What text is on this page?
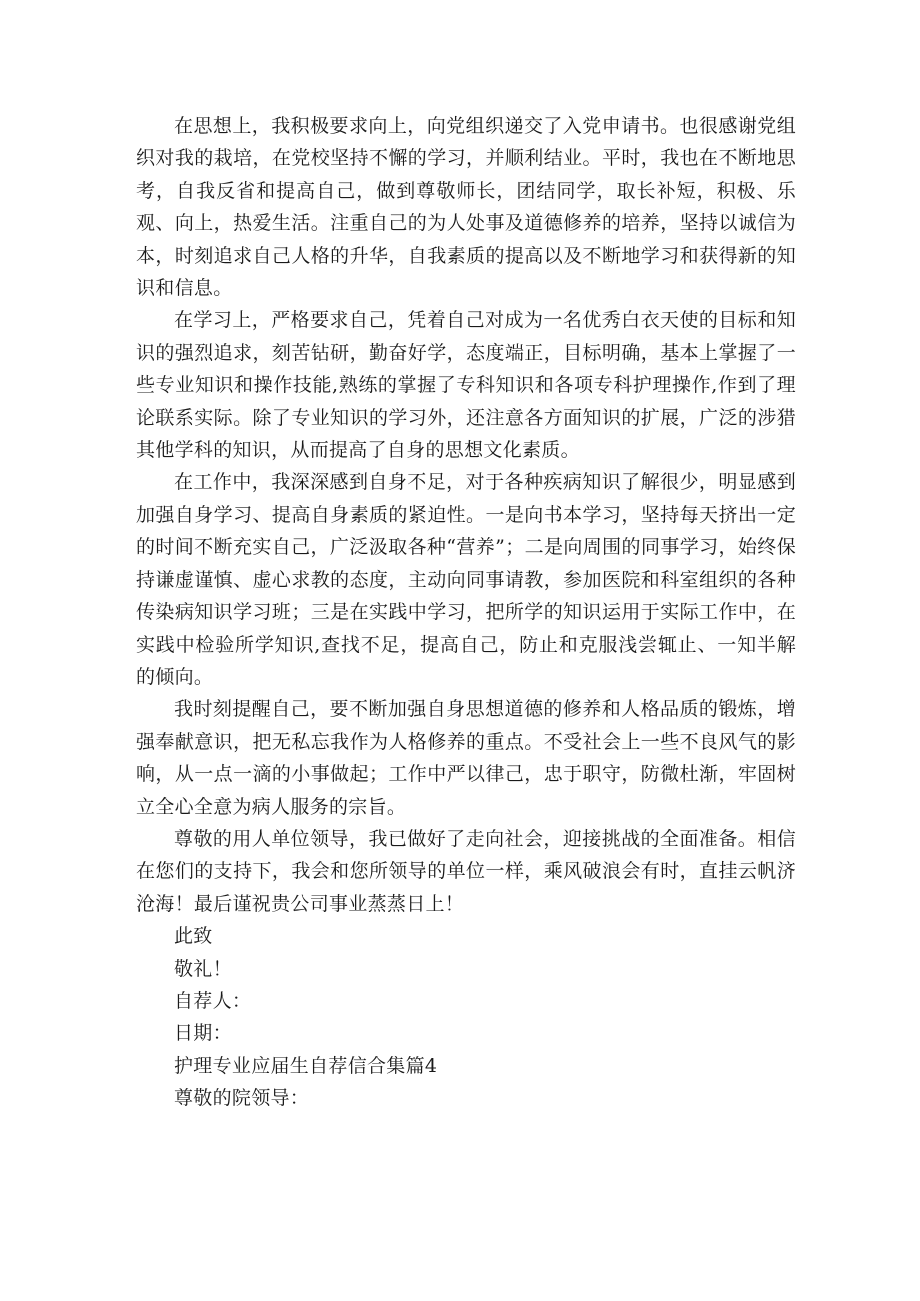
在思想上，我积极要求向上，向党组织递交了入党申请书。也很感谢党组织对我的栽培，在党校坚持不懈的学习，并顺利结业。平时，我也在不断地思考，自我反省和提高自己，做到尊敬师长，团结同学，取长补短，积极、乐观、向上，热爱生活。注重自己的为人处事及道德修养的培养，坚持以诚信为本，时刻追求自己人格的升华，自我素质的提高以及不断地学习和获得新的知识和信息。

在学习上，严格要求自己，凭着自己对成为一名优秀白衣天使的目标和知识的强烈追求，刻苦钻研，勤奋好学，态度端正，目标明确，基本上掌握了一些专业知识和操作技能,熟练的掌握了专科知识和各项专科护理操作,作到了理论联系实际。除了专业知识的学习外，还注意各方面知识的扩展，广泛的涉猎其他学科的知识，从而提高了自身的思想文化素质。

在工作中，我深深感到自身不足，对于各种疾病知识了解很少，明显感到加强自身学习、提高自身素质的紧迫性。一是向书本学习，坚持每天挤出一定的时间不断充实自己，广泛汲取各种“营养”；二是向周围的同事学习，始终保持谦虚谨慎、虚心求教的态度，主动向同事请教，参加医院和科室组织的各种传染病知识学习班；三是在实践中学习，把所学的知识运用于实际工作中，在实践中检验所学知识,查找不足，提高自己，防止和克服浅尝辄止、一知半解的倾向。

我时刻提醒自己，要不断加强自身思想道德的修养和人格品质的锻炼，增强奉献意识，把无私忘我作为人格修养的重点。不受社会上一些不良风气的影响，从一点一滴的小事做起；工作中严以律己，忠于职守，防微杜渐，牢固树立全心全意为病人服务的宗旨。

尊敬的用人单位领导，我已做好了走向社会，迎接挑战的全面准备。相信在您们的支持下，我会和您所领导的单位一样，乘风破浪会有时，直挂云帆济沧海！最后谨祝贵公司事业蒸蒸日上！

此致

敬礼！

自荐人：

日期：

护理专业应届生自荐信合集篇4

尊敬的院领导：
